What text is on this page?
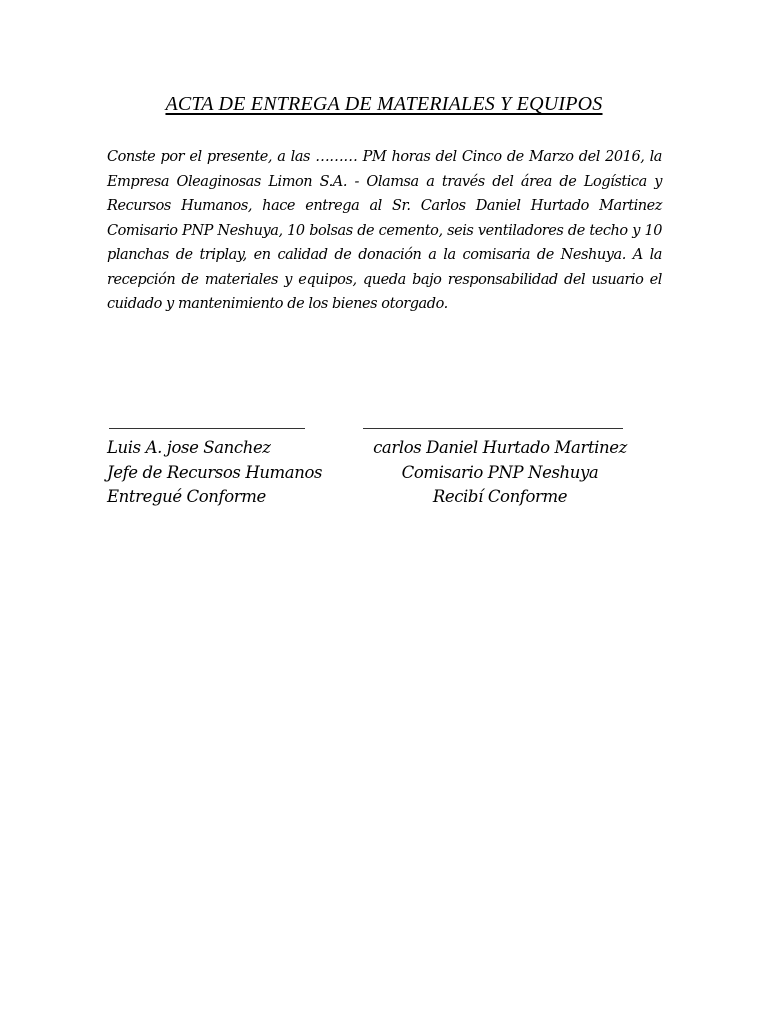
ACTA DE ENTREGA DE MATERIALES Y EQUIPOS

Conste por el presente, a las ……… PM horas del Cinco de Marzo del 2016, la Empresa Oleaginosas Limon S.A. - Olamsa a través del área de Logística y Recursos Humanos, hace entrega al Sr. Carlos Daniel Hurtado Martinez Comisario PNP Neshuya, 10 bolsas de cemento, seis ventiladores de techo y 10 planchas de triplay, en calidad de donación a la comisaria de Neshuya. A la recepción de materiales y equipos, queda bajo responsabilidad del usuario el cuidado y mantenimiento de los bienes otorgado.

Luis A. jose Sanchez
Jefe de Recursos Humanos
Entregué Conforme
carlos Daniel Hurtado Martinez
Comisario PNP Neshuya
Recibí Conforme
